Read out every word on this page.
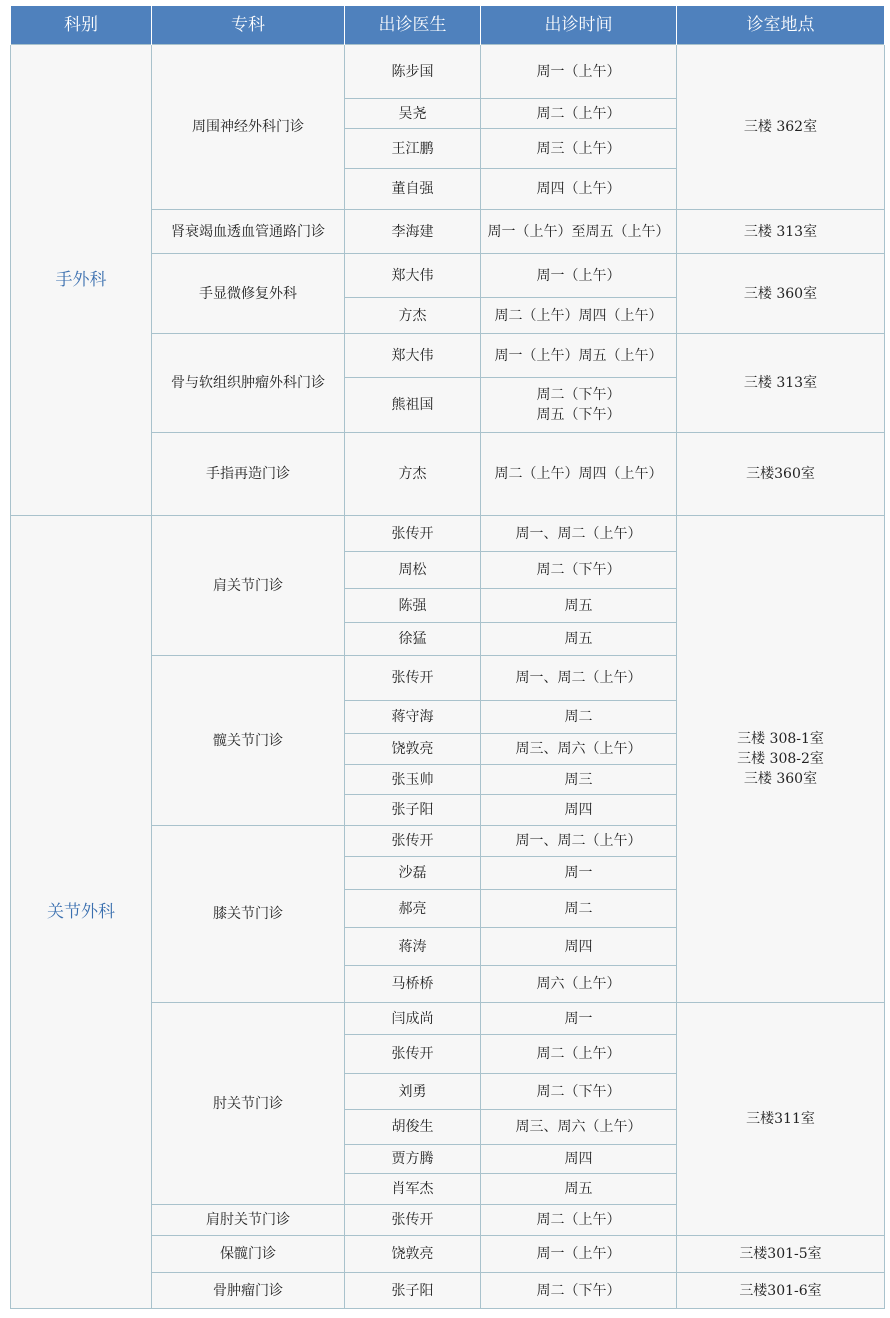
科别	专科	出诊医生	出诊时间	诊室地点
手外科	周围神经外科门诊	陈步国	周一（上午）	三楼 362室

		吴尧	周二（上午）	

		王江鹏	周三（上午）	

		董自强	周四（上午）	

	肾衰竭血透血管通路门诊	李海建	周一（上午）至周五（上午）	三楼 313室

	手显微修复外科	郑大伟	周一（上午）	三楼 360室

		方杰	周二（上午）周四（上午）	

	骨与软组织肿瘤外科门诊	郑大伟	周一（上午）周五（上午）	三楼 313室

		熊祖国	周二（下午）
周五（下午）	

	手指再造门诊	方杰	周二（上午）周四（上午）	三楼360室

关节外科	肩关节门诊	张传开	周一、周二（上午）	三楼 308-1室
三楼 308-2室
三楼 360室

		周松	周二（下午）	

		陈强	周五	

		徐猛	周五	

	髋关节门诊	张传开	周一、周二（上午）	

		蒋守海	周二	

		饶敦亮	周三、周六（上午）	

		张玉帅	周三	

		张子阳	周四	

	膝关节门诊	张传开	周一、周二（上午）	

		沙磊	周一	

		郝亮	周二	

		蒋涛	周四	

		马桥桥	周六（上午）	

	肘关节门诊	闫成尚	周一	三楼311室

		张传开	周二（上午）	

		刘勇	周二（下午）	

		胡俊生	周三、周六（上午）	

		贾方腾	周四	

		肖军杰	周五	

	肩肘关节门诊	张传开	周二（上午）	

	保髋门诊	饶敦亮	周一（上午）	三楼301-5室

	骨肿瘤门诊	张子阳	周二（下午）	三楼301-6室
